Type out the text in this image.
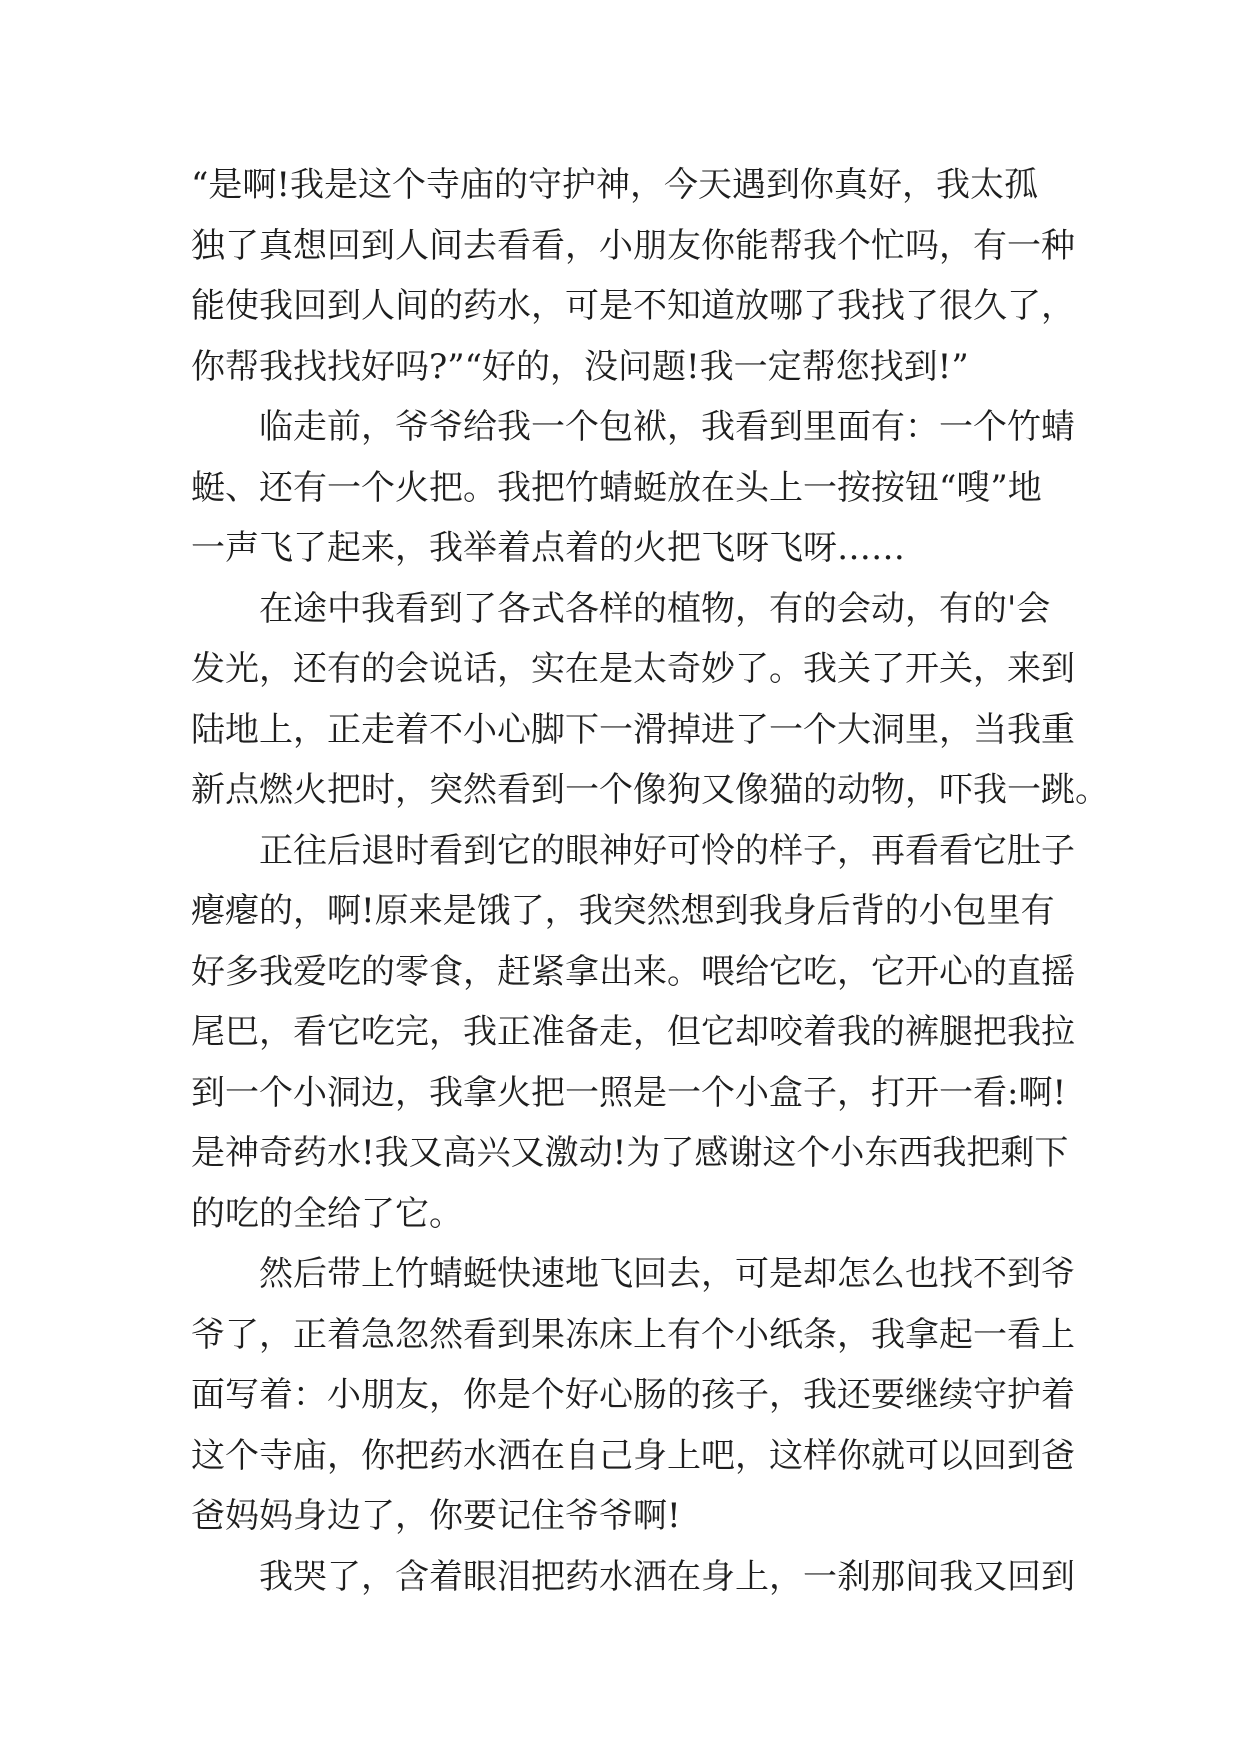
“是啊!我是这个寺庙的守护神，今天遇到你真好，我太孤
独了真想回到人间去看看，小朋友你能帮我个忙吗，有一种
能使我回到人间的药水，可是不知道放哪了我找了很久了，
你帮我找找好吗?”“好的，没问题!我一定帮您找到!”
　　临走前，爷爷给我一个包袱，我看到里面有：一个竹蜻
蜓、还有一个火把。我把竹蜻蜓放在头上一按按钮“嗖”地
一声飞了起来，我举着点着的火把飞呀飞呀……
　　在途中我看到了各式各样的植物，有的会动，有的'会
发光，还有的会说话，实在是太奇妙了。我关了开关，来到
陆地上，正走着不小心脚下一滑掉进了一个大洞里，当我重
新点燃火把时，突然看到一个像狗又像猫的动物，吓我一跳。
　　正往后退时看到它的眼神好可怜的样子，再看看它肚子
瘪瘪的，啊!原来是饿了，我突然想到我身后背的小包里有
好多我爱吃的零食，赶紧拿出来。喂给它吃，它开心的直摇
尾巴，看它吃完，我正准备走，但它却咬着我的裤腿把我拉
到一个小洞边，我拿火把一照是一个小盒子，打开一看:啊!
是神奇药水!我又高兴又激动!为了感谢这个小东西我把剩下
的吃的全给了它。
　　然后带上竹蜻蜓快速地飞回去，可是却怎么也找不到爷
爷了，正着急忽然看到果冻床上有个小纸条，我拿起一看上
面写着：小朋友，你是个好心肠的孩子，我还要继续守护着
这个寺庙，你把药水洒在自己身上吧，这样你就可以回到爸
爸妈妈身边了，你要记住爷爷啊!
　　我哭了，含着眼泪把药水洒在身上，一刹那间我又回到
